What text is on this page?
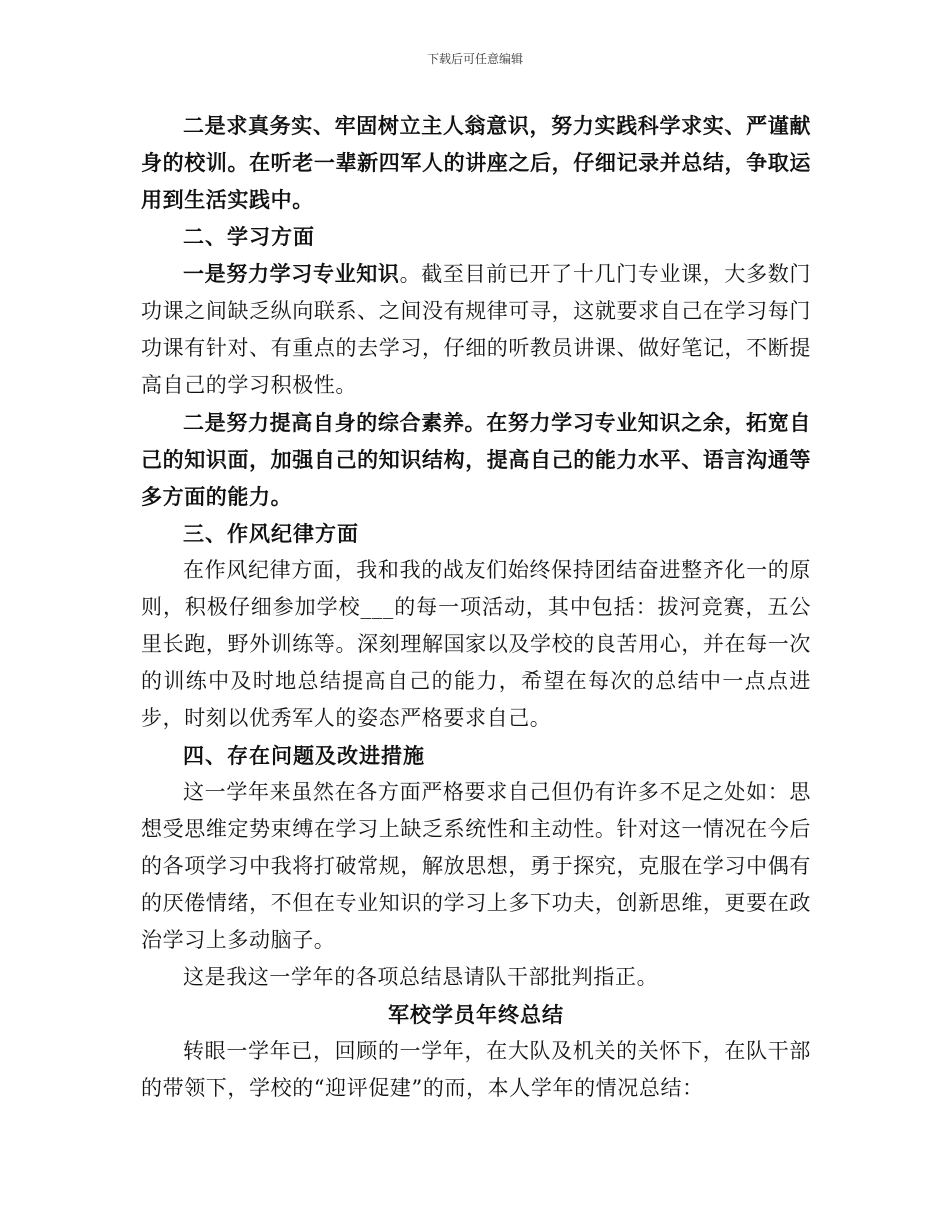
下载后可任意编辑

二是求真务实、牢固树立主人翁意识，努力实践科学求实、严谨献身的校训。在听老一辈新四军人的讲座之后，仔细记录并总结，争取运用到生活实践中。

二、学习方面

一是努力学习专业知识。截至目前已开了十几门专业课，大多数门功课之间缺乏纵向联系、之间没有规律可寻，这就要求自己在学习每门功课有针对、有重点的去学习，仔细的听教员讲课、做好笔记，不断提高自己的学习积极性。

二是努力提高自身的综合素养。在努力学习专业知识之余，拓宽自己的知识面，加强自己的知识结构，提高自己的能力水平、语言沟通等多方面的能力。

三、作风纪律方面

在作风纪律方面，我和我的战友们始终保持团结奋进整齐化一的原则，积极仔细参加学校___的每一项活动，其中包括：拔河竞赛，五公里长跑，野外训练等。深刻理解国家以及学校的良苦用心，并在每一次的训练中及时地总结提高自己的能力，希望在每次的总结中一点点进步，时刻以优秀军人的姿态严格要求自己。

四、存在问题及改进措施

这一学年来虽然在各方面严格要求自己但仍有许多不足之处如：思想受思维定势束缚在学习上缺乏系统性和主动性。针对这一情况在今后的各项学习中我将打破常规，解放思想，勇于探究，克服在学习中偶有的厌倦情绪，不但在专业知识的学习上多下功夫，创新思维，更要在政治学习上多动脑子。

这是我这一学年的各项总结恳请队干部批判指正。

军校学员年终总结

转眼一学年已，回顾的一学年，在大队及机关的关怀下，在队干部的带领下，学校的“迎评促建”的而，本人学年的情况总结：
